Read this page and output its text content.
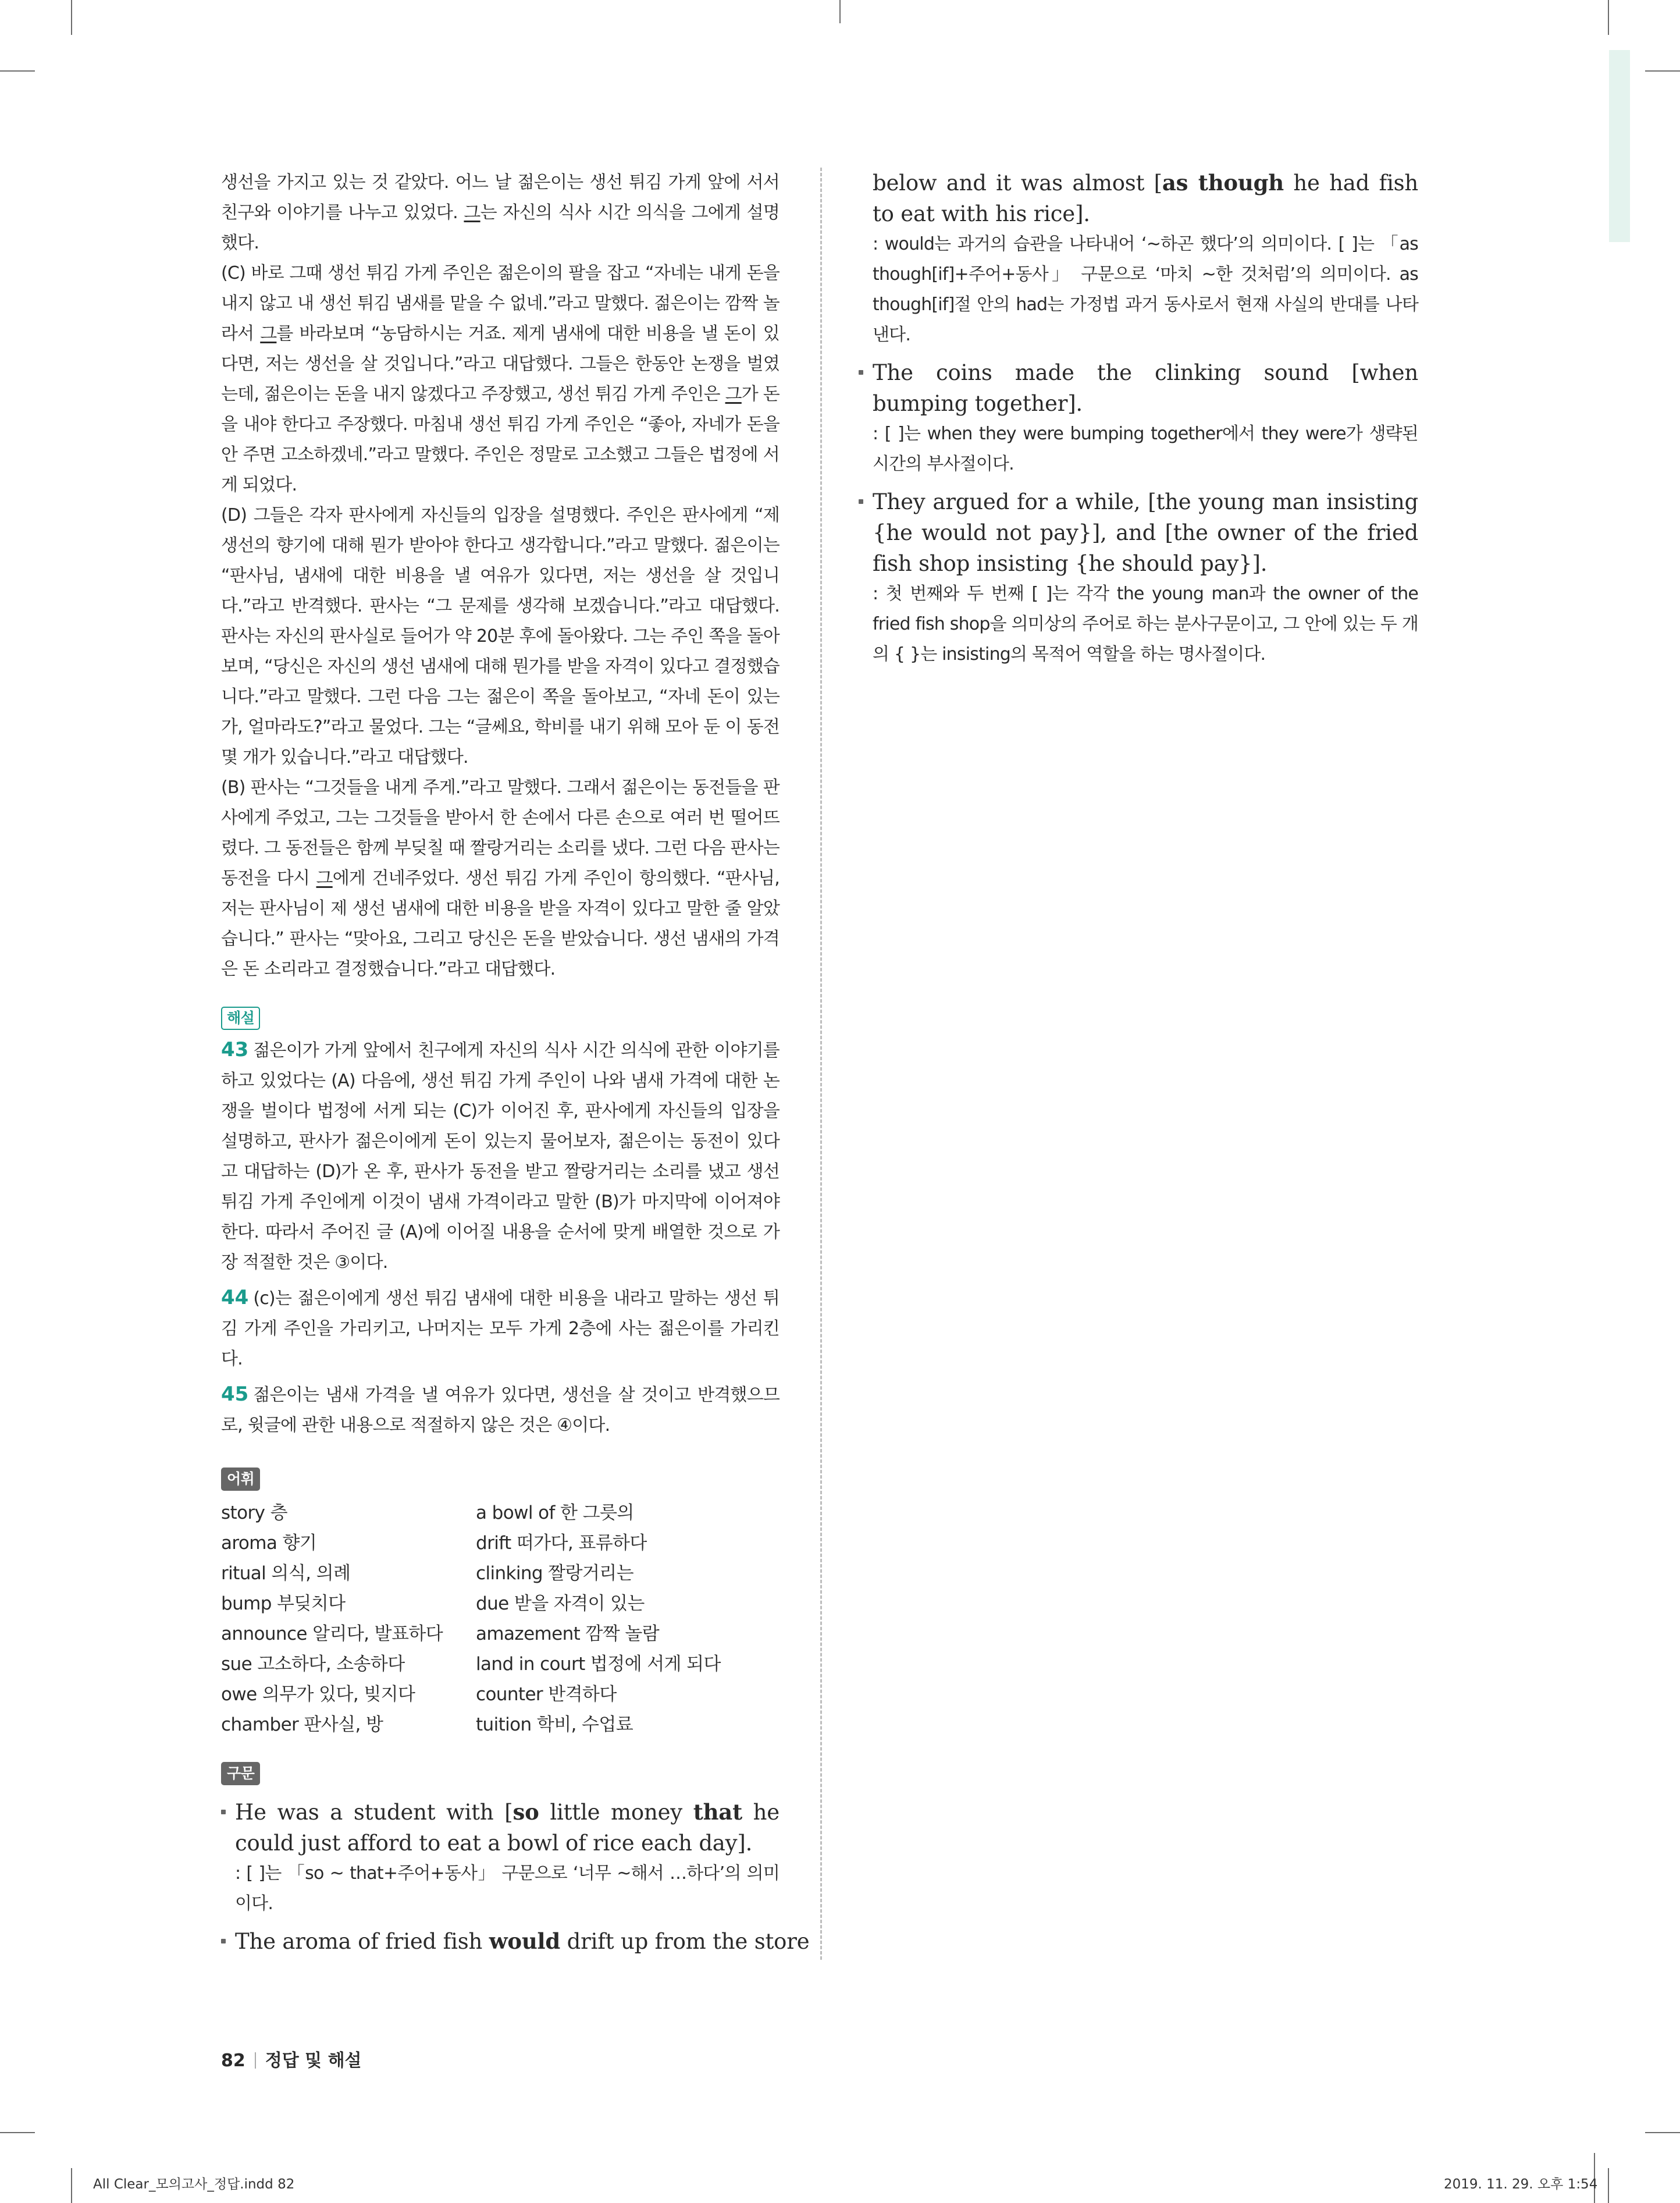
생선을 가지고 있는 것 같았다. 어느 날 젊은이는 생선 튀김 가게 앞에 서서 친구와 이야기를 나누고 있었다. 그는 자신의 식사 시간 의식을 그에게 설명했다.

(C) 바로 그때 생선 튀김 가게 주인은 젊은이의 팔을 잡고 “자네는 내게 돈을 내지 않고 내 생선 튀김 냄새를 맡을 수 없네.”라고 말했다. 젊은이는 깜짝 놀라서 그를 바라보며 “농담하시는 거죠. 제게 냄새에 대한 비용을 낼 돈이 있다면, 저는 생선을 살 것입니다.”라고 대답했다. 그들은 한동안 논쟁을 벌였는데, 젊은이는 돈을 내지 않겠다고 주장했고, 생선 튀김 가게 주인은 그가 돈을 내야 한다고 주장했다. 마침내 생선 튀김 가게 주인은 “좋아, 자네가 돈을 안 주면 고소하겠네.”라고 말했다. 주인은 정말로 고소했고 그들은 법정에 서게 되었다.

(D) 그들은 각자 판사에게 자신들의 입장을 설명했다. 주인은 판사에게 “제 생선의 향기에 대해 뭔가 받아야 한다고 생각합니다.”라고 말했다. 젊은이는 “판사님, 냄새에 대한 비용을 낼 여유가 있다면, 저는 생선을 살 것입니다.”라고 반격했다. 판사는 “그 문제를 생각해 보겠습니다.”라고 대답했다. 판사는 자신의 판사실로 들어가 약 20분 후에 돌아왔다. 그는 주인 쪽을 돌아보며, “당신은 자신의 생선 냄새에 대해 뭔가를 받을 자격이 있다고 결정했습니다.”라고 말했다. 그런 다음 그는 젊은이 쪽을 돌아보고, “자네 돈이 있는가, 얼마라도?”라고 물었다. 그는 “글쎄요, 학비를 내기 위해 모아 둔 이 동전 몇 개가 있습니다.”라고 대답했다.

(B) 판사는 “그것들을 내게 주게.”라고 말했다. 그래서 젊은이는 동전들을 판사에게 주었고, 그는 그것들을 받아서 한 손에서 다른 손으로 여러 번 떨어뜨렸다. 그 동전들은 함께 부딪칠 때 짤랑거리는 소리를 냈다. 그런 다음 판사는 동전을 다시 그에게 건네주었다. 생선 튀김 가게 주인이 항의했다. “판사님, 저는 판사님이 제 생선 냄새에 대한 비용을 받을 자격이 있다고 말한 줄 알았습니다.” 판사는 “맞아요, 그리고 당신은 돈을 받았습니다. 생선 냄새의 가격은 돈 소리라고 결정했습니다.”라고 대답했다.

해설

43 젊은이가 가게 앞에서 친구에게 자신의 식사 시간 의식에 관한 이야기를 하고 있었다는 (A) 다음에, 생선 튀김 가게 주인이 나와 냄새 가격에 대한 논쟁을 벌이다 법정에 서게 되는 (C)가 이어진 후, 판사에게 자신들의 입장을 설명하고, 판사가 젊은이에게 돈이 있는지 물어보자, 젊은이는 동전이 있다고 대답하는 (D)가 온 후, 판사가 동전을 받고 짤랑거리는 소리를 냈고 생선 튀김 가게 주인에게 이것이 냄새 가격이라고 말한 (B)가 마지막에 이어져야 한다. 따라서 주어진 글 (A)에 이어질 내용을 순서에 맞게 배열한 것으로 가장 적절한 것은 ③이다.

44 (c)는 젊은이에게 생선 튀김 냄새에 대한 비용을 내라고 말하는 생선 튀김 가게 주인을 가리키고, 나머지는 모두 가게 2층에 사는 젊은이를 가리킨다.

45 젊은이는 냄새 가격을 낼 여유가 있다면, 생선을 살 것이고 반격했으므로, 윗글에 관한 내용으로 적절하지 않은 것은 ④이다.

어휘
story 층	a bowl of 한 그릇의
aroma 향기	drift 떠가다, 표류하다
ritual 의식, 의례	clinking 짤랑거리는
bump 부딪치다	due 받을 자격이 있는
announce 알리다, 발표하다	amazement 깜짝 놀람
sue 고소하다, 소송하다	land in court 법정에 서게 되다
owe 의무가 있다, 빚지다	counter 반격하다
chamber 판사실, 방	tuition 학비, 수업료
구문

He was a student with [so little money that he could just afford to eat a bowl of rice each day].

: [ ]는 「so ~ that+주어+동사」 구문으로 ‘너무 ~해서 …하다’의 의미이다.

The aroma of fried fish would drift up from the store

below and it was almost [as though he had fish to eat with his rice].

: would는 과거의 습관을 나타내어 ‘~하곤 했다’의 의미이다. [ ]는 「as though[if]+주어+동사」 구문으로 ‘마치 ~한 것처럼’의 의미이다. as though[if]절 안의 had는 가정법 과거 동사로서 현재 사실의 반대를 나타낸다.

The coins made the clinking sound [when bumping together].

: [ ]는 when they were bumping together에서 they were가 생략된 시간의 부사절이다.

They argued for a while, [the young man insisting {he would not pay}], and [the owner of the fried fish shop insisting {he should pay}].

: 첫 번째와 두 번째 [ ]는 각각 the young man과 the owner of the fried fish shop을 의미상의 주어로 하는 분사구문이고, 그 안에 있는 두 개의 { }는 insisting의 목적어 역할을 하는 명사절이다.

82 정답 및 해설
All Clear_모의고사_정답.indd 82	2019. 11. 29. 오후 1:54
